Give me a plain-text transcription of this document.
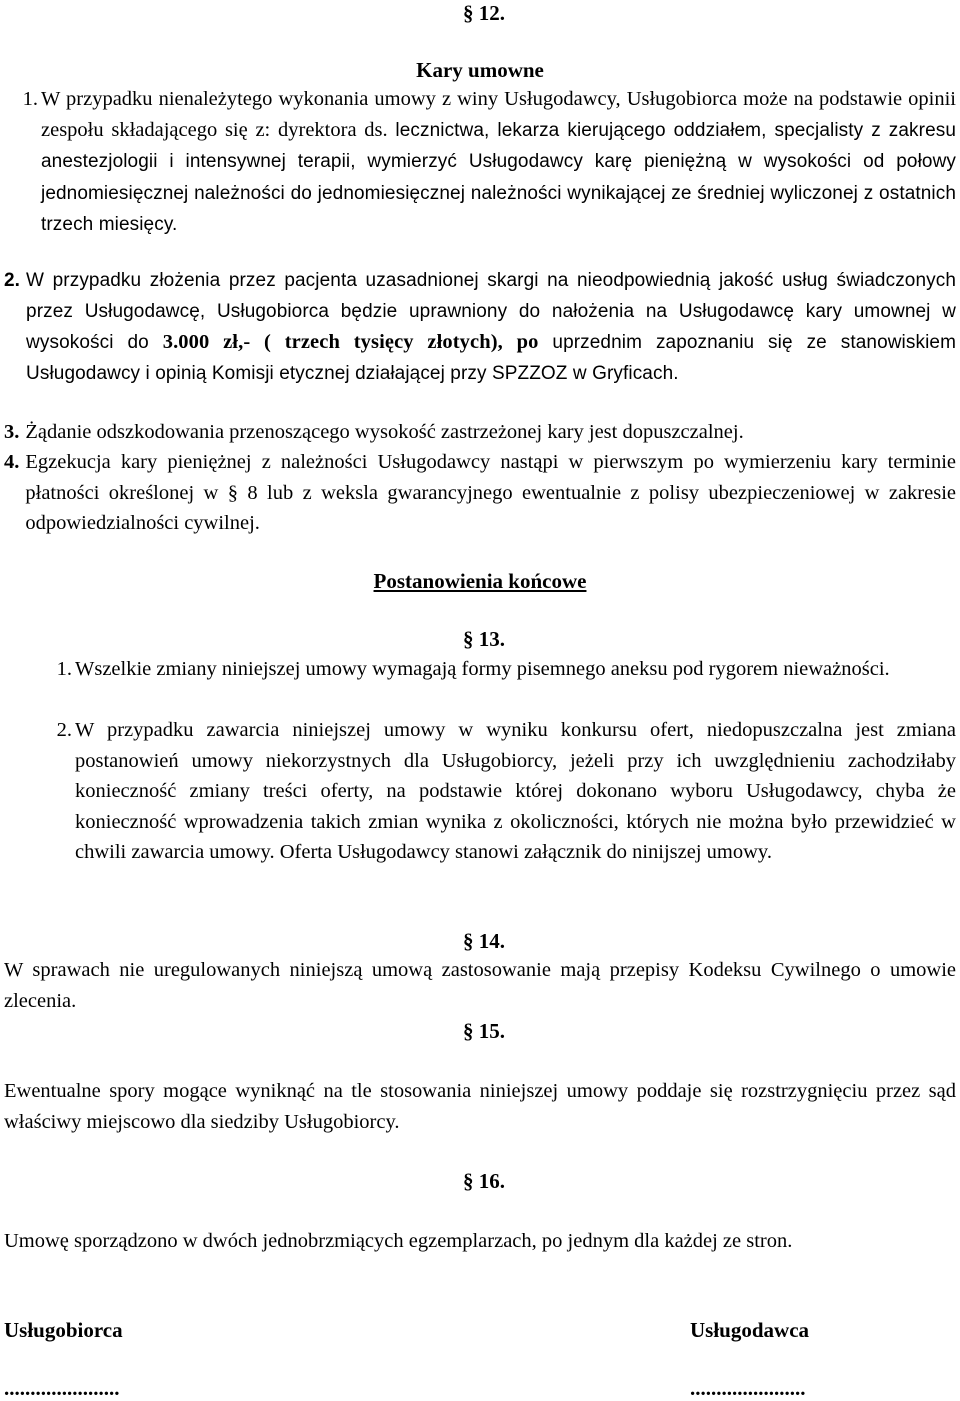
§ 12.
Kary umowne
1. W przypadku nienależytego wykonania umowy z winy Usługodawcy, Usługobiorca może na podstawie opinii zespołu składającego się z: dyrektora ds. lecznictwa, lekarza kierującego oddziałem, specjalisty z zakresu anestezjologii i intensywnej terapii, wymierzyć Usługodawcy karę pieniężną w wysokości od połowy jednomiesięcznej należności do jednomiesięcznej należności wynikającej ze średniej wyliczonej z ostatnich trzech miesięcy.
2. W przypadku złożenia przez pacjenta uzasadnionej skargi na nieodpowiednią jakość usług świadczonych przez Usługodawcę, Usługobiorca będzie uprawniony do nałożenia na Usługodawcę kary umownej w wysokości do 3.000 zł,- ( trzech tysięcy złotych), po uprzednim zapoznaniu się ze stanowiskiem Usługodawcy i opinią Komisji etycznej działającej przy SPZZOZ w Gryficach.
3. Żądanie odszkodowania przenoszącego wysokość zastrzeżonej kary jest dopuszczalnej.
4. Egzekucja kary pieniężnej z należności Usługodawcy nastąpi w pierwszym po wymierzeniu kary terminie płatności określonej w § 8 lub z weksla gwarancyjnego ewentualnie z polisy ubezpieczeniowej w zakresie odpowiedzialności cywilnej.
Postanowienia końcowe
§ 13.
1. Wszelkie zmiany niniejszej umowy wymagają formy pisemnego aneksu pod rygorem nieważności.
2. W przypadku zawarcia niniejszej umowy w wyniku konkursu ofert, niedopuszczalna jest zmiana postanowień umowy niekorzystnych dla Usługobiorcy, jeżeli przy ich uwzględnieniu zachodziłaby konieczność zmiany treści oferty, na podstawie której dokonano wyboru Usługodawcy, chyba że konieczność wprowadzenia takich zmian wynika z okoliczności, których nie można było przewidzieć w chwili zawarcia umowy. Oferta Usługodawcy stanowi załącznik do ninijszej umowy.
§ 14.
W sprawach nie uregulowanych niniejszą umową zastosowanie mają przepisy Kodeksu Cywilnego o umowie zlecenia.
§ 15.
Ewentualne spory mogące wyniknąć na tle stosowania niniejszej umowy poddaje się rozstrzygnięciu przez sąd właściwy miejscowo dla siedziby Usługobiorcy.
§ 16.
Umowę sporządzono w dwóch jednobrzmiących egzemplarzach, po jednym dla każdej ze stron.
Usługobiorca	Usługodawca
......................	......................
